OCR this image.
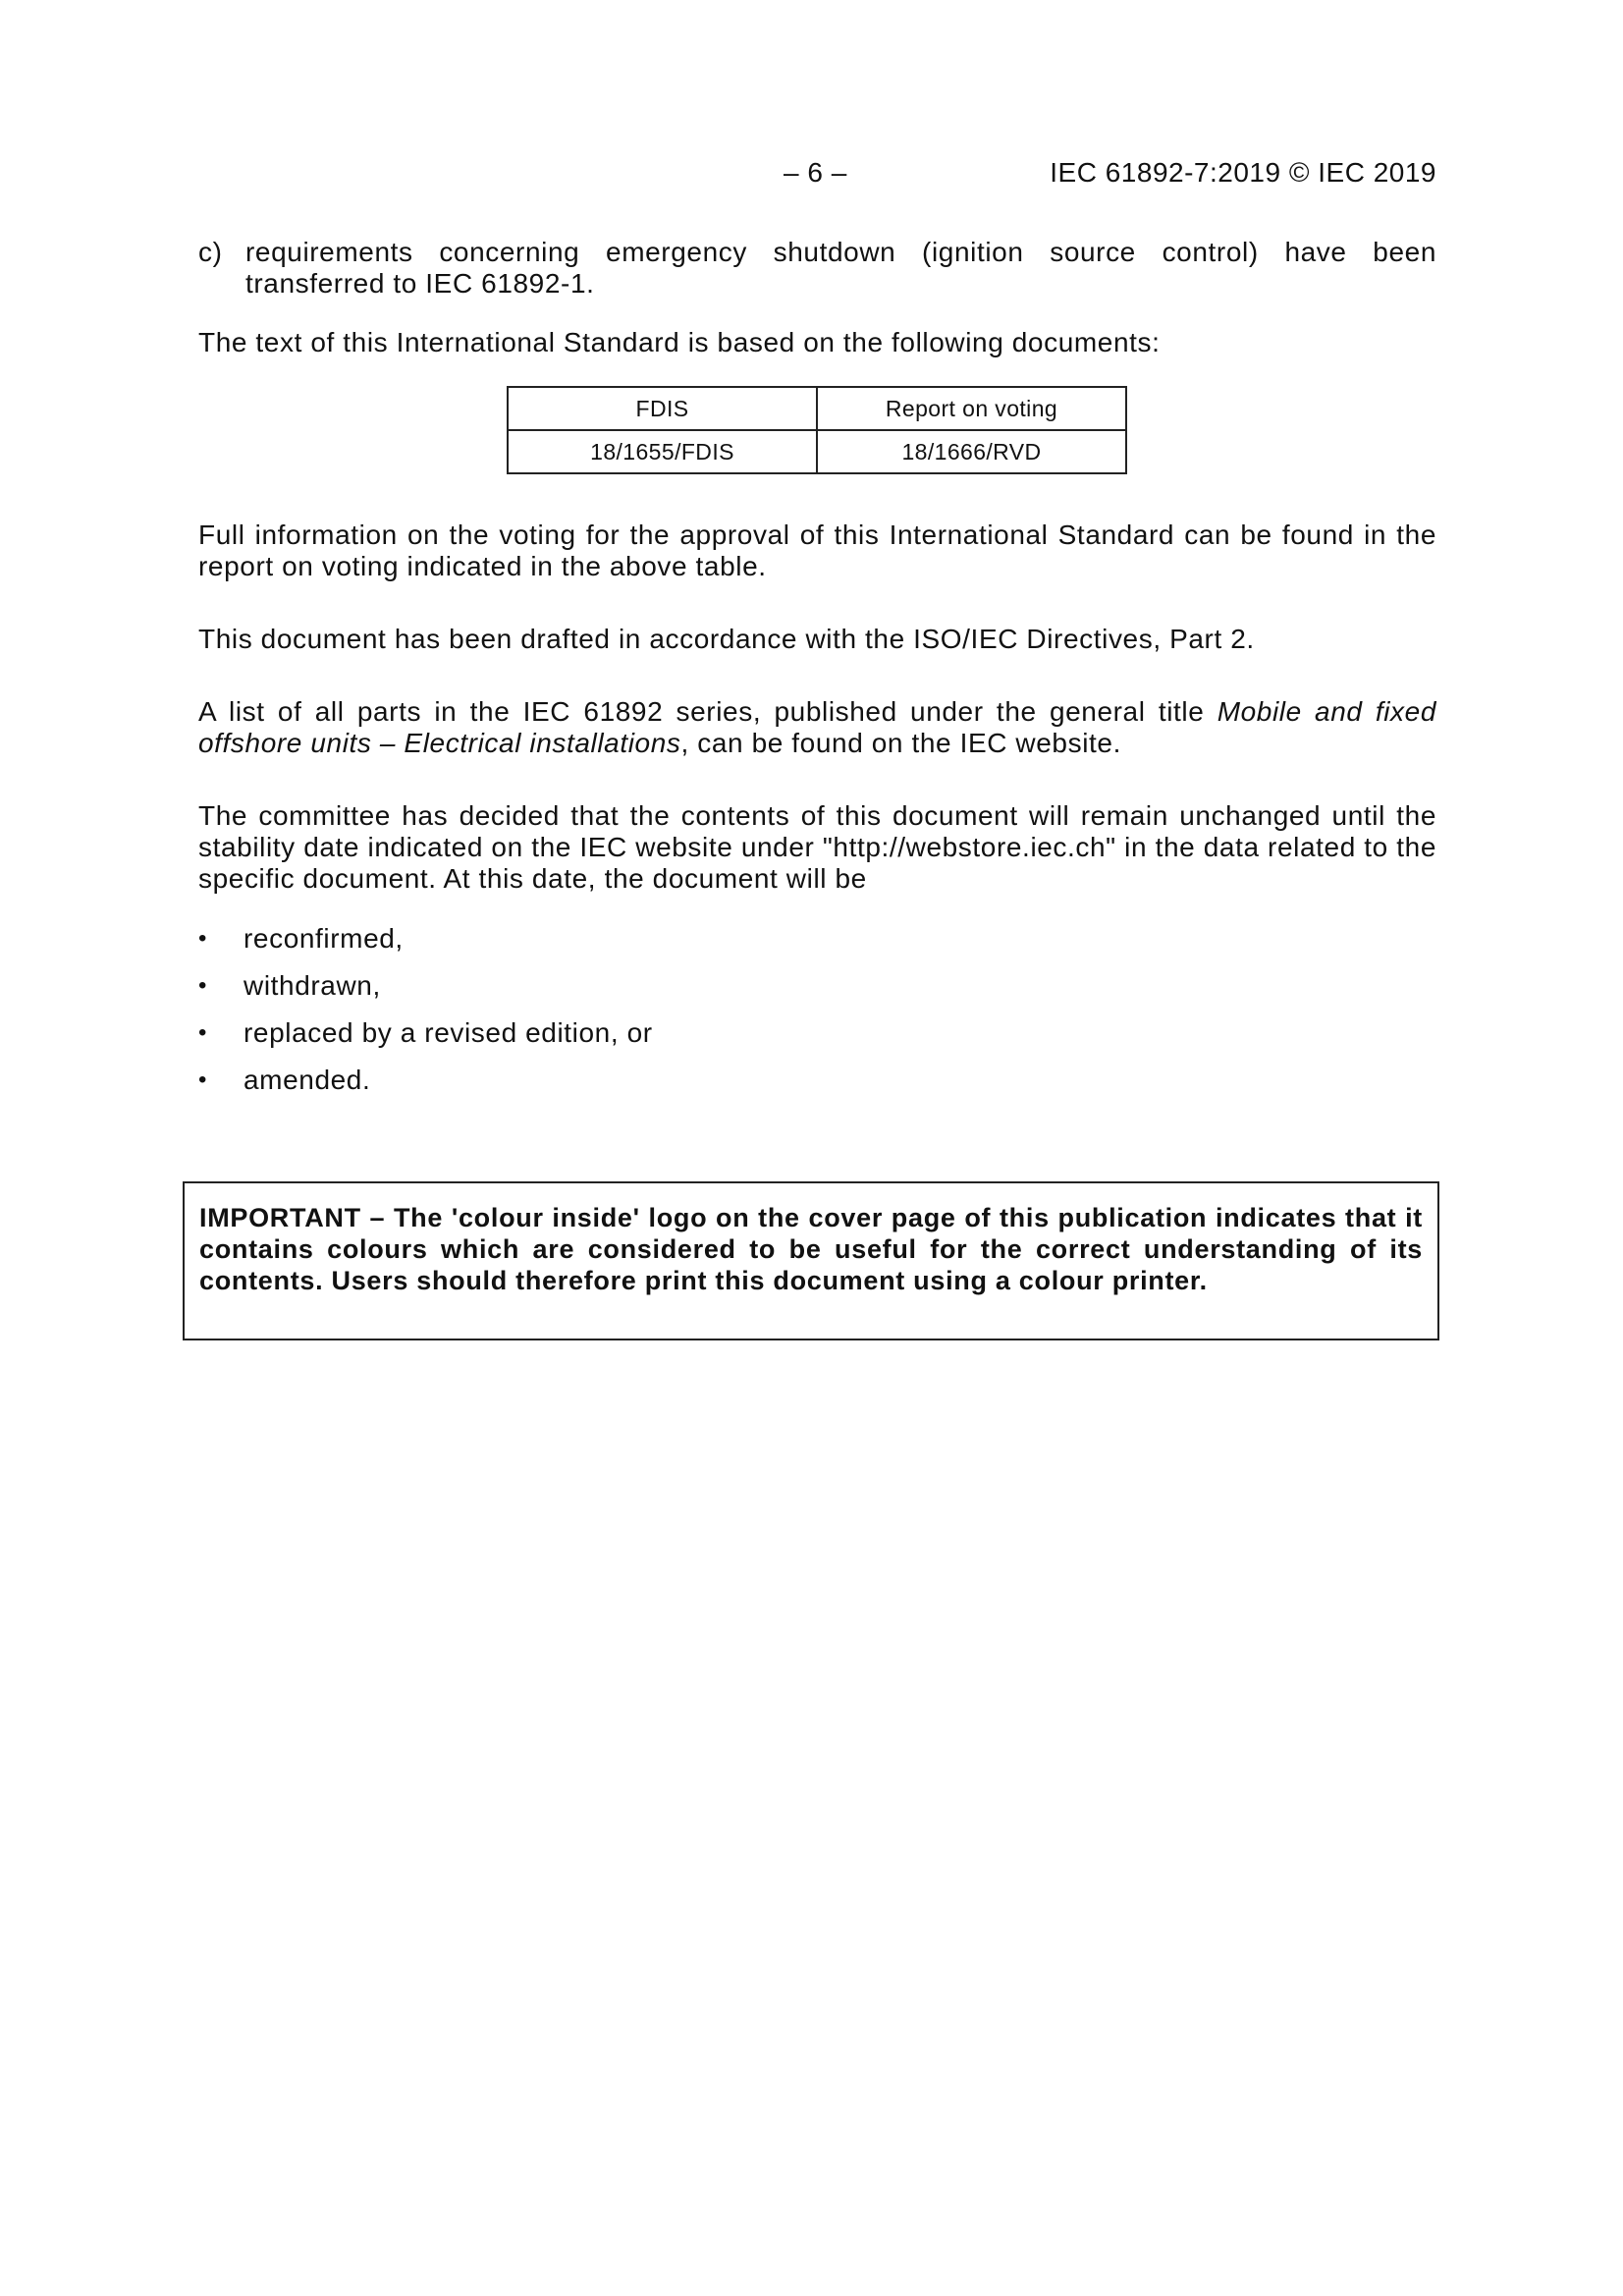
– 6 –	IEC 61892-7:2019 © IEC 2019
c) requirements concerning emergency shutdown (ignition source control) have been transferred to IEC 61892-1.
The text of this International Standard is based on the following documents:
FDIS	Report on voting
18/1655/FDIS	18/1666/RVD
Full information on the voting for the approval of this International Standard can be found in the report on voting indicated in the above table.
This document has been drafted in accordance with the ISO/IEC Directives, Part 2.
A list of all parts in the IEC 61892 series, published under the general title Mobile and fixed offshore units – Electrical installations, can be found on the IEC website.
The committee has decided that the contents of this document will remain unchanged until the stability date indicated on the IEC website under "http://webstore.iec.ch" in the data related to the specific document. At this date, the document will be
•	reconfirmed,
•	withdrawn,
•	replaced by a revised edition, or
•	amended.
IMPORTANT – The 'colour inside' logo on the cover page of this publication indicates that it contains colours which are considered to be useful for the correct understanding of its contents. Users should therefore print this document using a colour printer.
